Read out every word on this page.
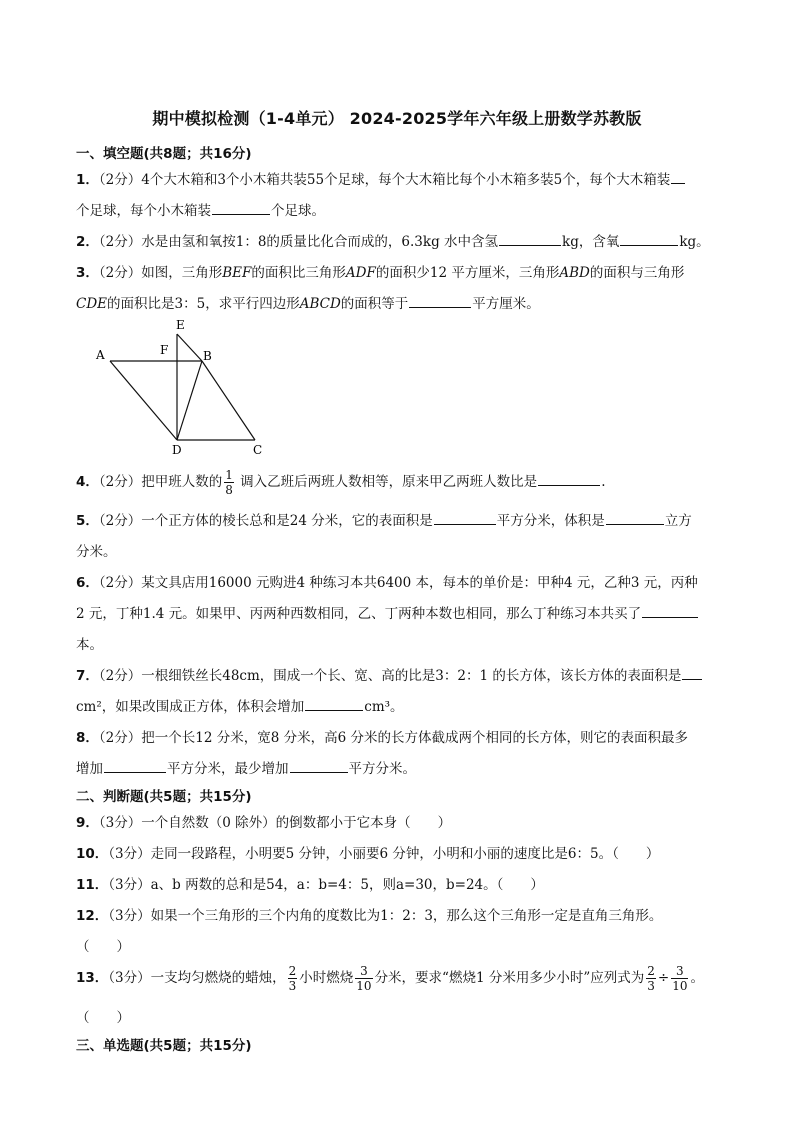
期中模拟检测（1-4单元） 2024-2025学年六年级上册数学苏教版
一、填空题(共8题；共16分)
1．（2分）4个大木箱和3个小木箱共装55个足球，每个大木箱比每个小木箱多装5个，每个大木箱装
个足球，每个小木箱装	个足球。
2．（2分）水是由氢和氧按1：8的质量比化合而成的，6.3kg 水中含氢	kg，含氧	kg。
3．（2分）如图，三角形BEF的面积比三角形ADF的面积少12 平方厘米，三角形ABD的面积与三角形
CDE的面积比是3：5，求平行四边形ABCD的面积等于	平方厘米。
E
F
A	B
D	C
4．（2分）把甲班人数的 $\frac{1}{8}$ 调入乙班后两班人数相等，原来甲乙两班人数比是	.
5．（2分）一个正方体的棱长总和是24 分米，它的表面积是	平方分米，体积是	立方
分米。
6．（2分）某文具店用16000 元购进4 种练习本共6400 本，每本的单价是：甲种4 元，乙种3 元，丙种
2 元，丁种1.4 元。如果甲、丙两种西数相同，乙、丁两种本数也相同，那么丁种练习本共买了
本。
7．（2分）一根细铁丝长48cm，围成一个长、宽、高的比是3：2：1 的长方体，该长方体的表面积是
cm²，如果改围成正方体，体积会增加	cm³。
8．（2分）把一个长12 分米，宽8 分米，高6 分米的长方体截成两个相同的长方体，则它的表面积最多
增加	平方分米，最少增加	平方分米。
二、判断题(共5题；共15分)
9．（3分）一个自然数（0 除外）的倒数都小于它本身（　　）
10．（3分）走同一段路程，小明要5 分钟，小丽要6 分钟，小明和小丽的速度比是6：5。（　　）
11．（3分）a、b 两数的总和是54，a：b=4：5，则a=30，b=24。（　　）
12．（3分）如果一个三角形的三个内角的度数比为1：2：3，那么这个三角形一定是直角三角形。
（　　）
13．（3分）一支均匀燃烧的蜡烛， $\frac{2}{3}$ 小时燃烧 $\frac{3}{10}$ 分米，要求“燃烧1 分米用多少小时”应列式为 $\frac{2}{3} \div \frac{3}{10}$ 。
（　　）
三、单选题(共5题；共15分)
